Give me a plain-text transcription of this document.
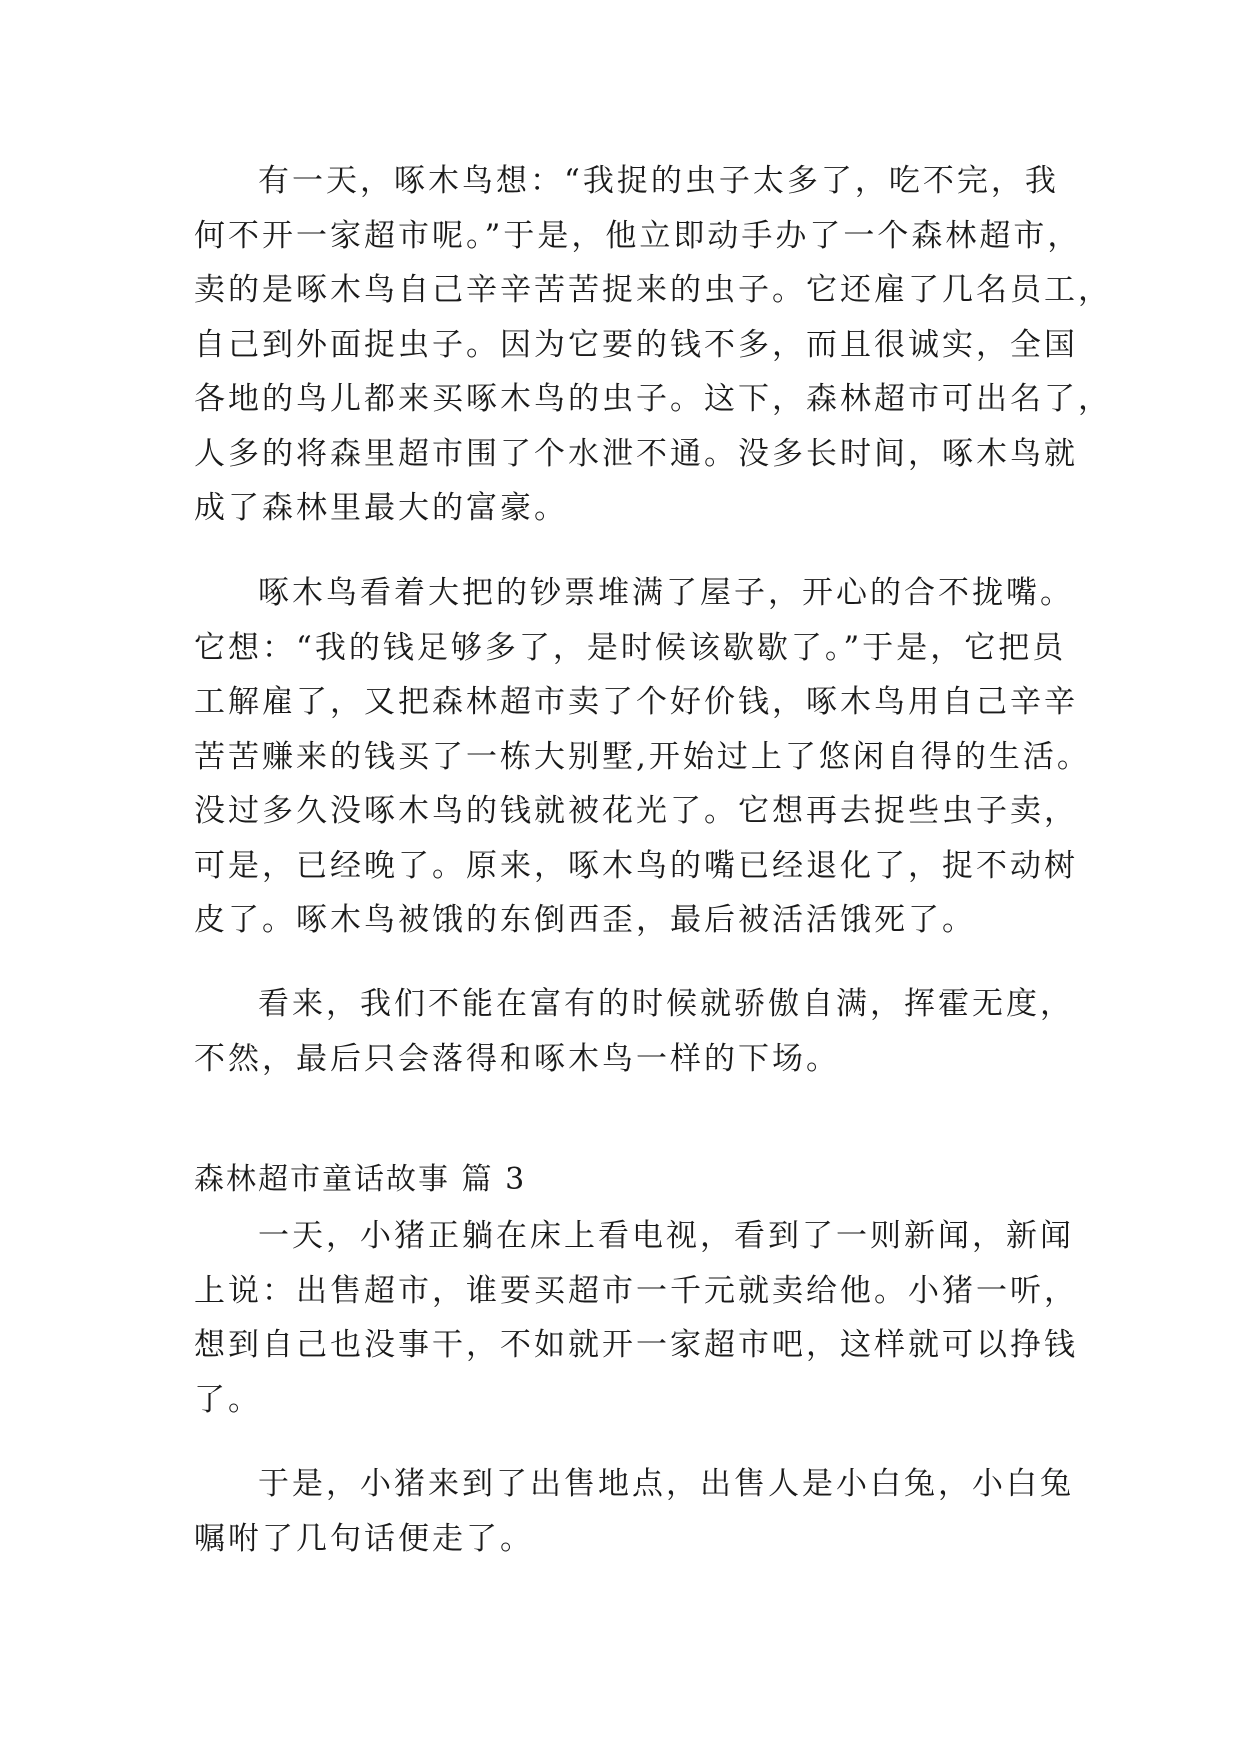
有一天，啄木鸟想：“我捉的虫子太多了，吃不完，我
何不开一家超市呢。”于是，他立即动手办了一个森林超市，
卖的是啄木鸟自己辛辛苦苦捉来的虫子。它还雇了几名员工，
自己到外面捉虫子。因为它要的钱不多，而且很诚实，全国
各地的鸟儿都来买啄木鸟的虫子。这下，森林超市可出名了，
人多的将森里超市围了个水泄不通。没多长时间，啄木鸟就
成了森林里最大的富豪。
啄木鸟看着大把的钞票堆满了屋子，开心的合不拢嘴。
它想：“我的钱足够多了，是时候该歇歇了。”于是，它把员
工解雇了，又把森林超市卖了个好价钱，啄木鸟用自己辛辛
苦苦赚来的钱买了一栋大别墅,开始过上了悠闲自得的生活。
没过多久没啄木鸟的钱就被花光了。它想再去捉些虫子卖，
可是，已经晚了。原来，啄木鸟的嘴已经退化了，捉不动树
皮了。啄木鸟被饿的东倒西歪，最后被活活饿死了。
看来，我们不能在富有的时候就骄傲自满，挥霍无度，
不然，最后只会落得和啄木鸟一样的下场。
森林超市童话故事 篇 3
一天，小猪正躺在床上看电视，看到了一则新闻，新闻
上说：出售超市，谁要买超市一千元就卖给他。小猪一听，
想到自己也没事干，不如就开一家超市吧，这样就可以挣钱
了。
于是，小猪来到了出售地点，出售人是小白兔，小白兔
嘱咐了几句话便走了。
